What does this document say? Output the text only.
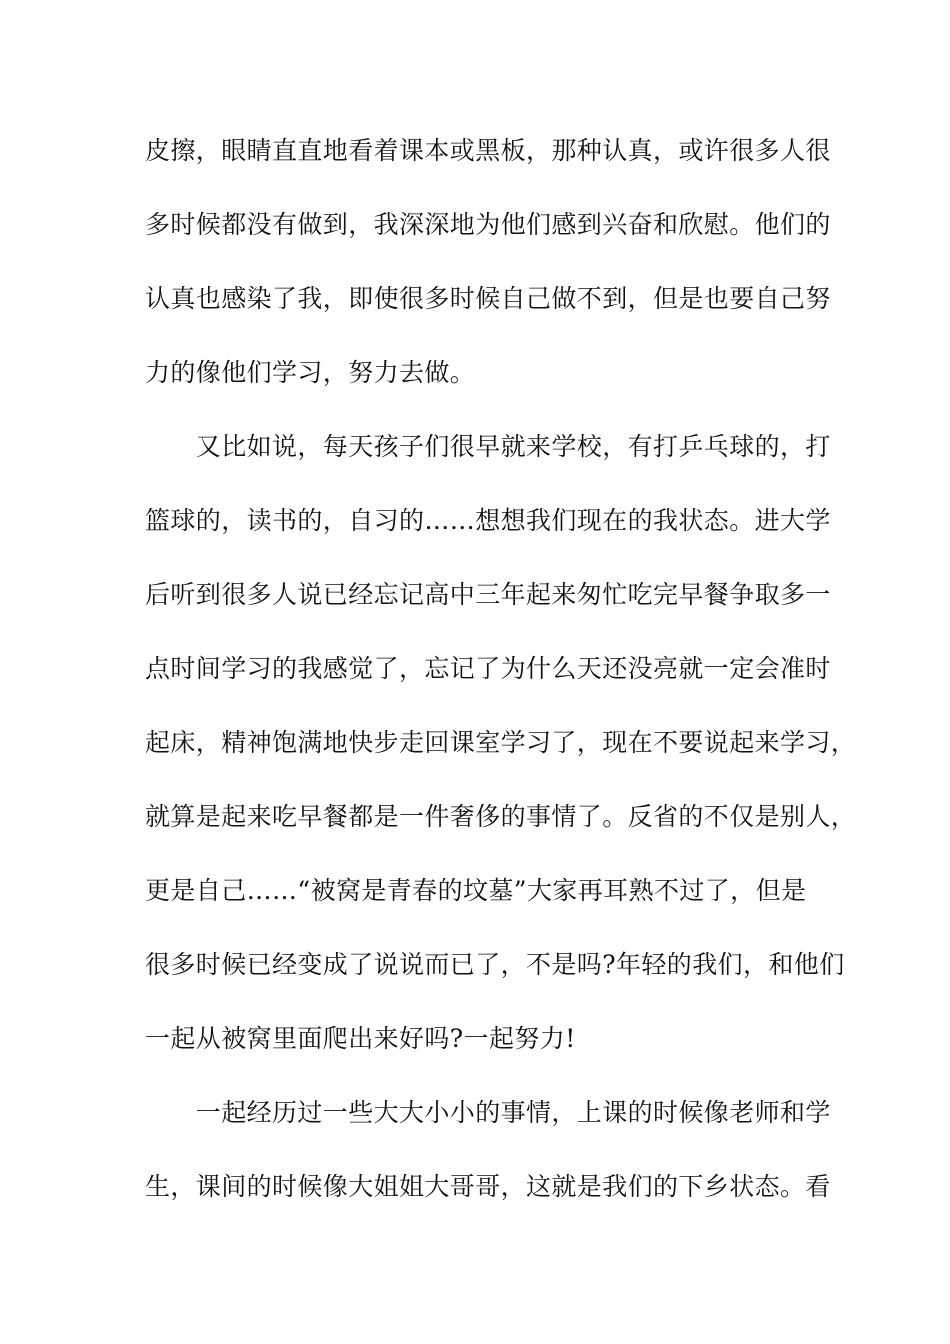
皮擦，眼睛直直地看着课本或黑板，那种认真，或许很多人很
多时候都没有做到，我深深地为他们感到兴奋和欣慰。他们的
认真也感染了我，即使很多时候自己做不到，但是也要自己努
力的像他们学习，努力去做。
　　又比如说，每天孩子们很早就来学校，有打乒乓球的，打
篮球的，读书的，自习的……想想我们现在的我状态。进大学
后听到很多人说已经忘记高中三年起来匆忙吃完早餐争取多一
点时间学习的我感觉了，忘记了为什么天还没亮就一定会准时
起床，精神饱满地快步走回课室学习了，现在不要说起来学习，
就算是起来吃早餐都是一件奢侈的事情了。反省的不仅是别人，
更是自己……“被窝是青春的坟墓”大家再耳熟不过了，但是
很多时候已经变成了说说而已了，不是吗?年轻的我们，和他们
一起从被窝里面爬出来好吗?一起努力!
　　一起经历过一些大大小小的事情，上课的时候像老师和学
生，课间的时候像大姐姐大哥哥，这就是我们的下乡状态。看
